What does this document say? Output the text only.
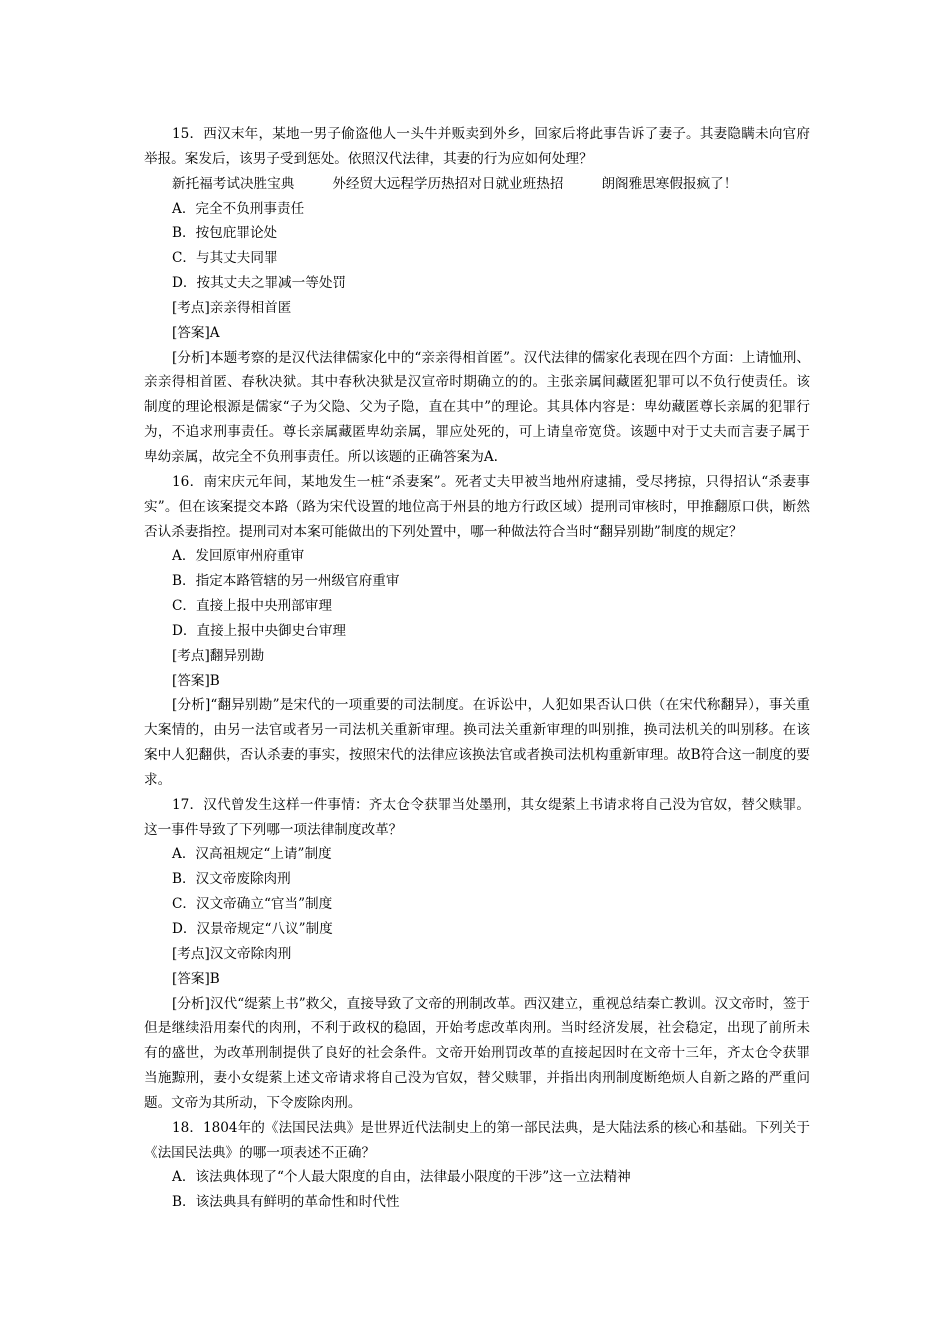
15．西汉末年，某地一男子偷盗他人一头牛并贩卖到外乡，回家后将此事告诉了妻子。其妻隐瞒未向官府举报。案发后，该男子受到惩处。依照汉代法律，其妻的行为应如何处理？

新托福考试决胜宝典	外经贸大远程学历热招对日就业班热招	朗阁雅思寒假报疯了！

A．完全不负刑事责任

B．按包庇罪论处

C．与其丈夫同罪

D．按其丈夫之罪减一等处罚

[考点]亲亲得相首匿

[答案]A

[分析]本题考察的是汉代法律儒家化中的“亲亲得相首匿”。汉代法律的儒家化表现在四个方面：上请恤刑、亲亲得相首匿、春秋决狱。其中春秋决狱是汉宣帝时期确立的的。主张亲属间藏匿犯罪可以不负行使责任。该制度的理论根源是儒家“子为父隐、父为子隐，直在其中”的理论。其具体内容是：卑幼藏匿尊长亲属的犯罪行为，不追求刑事责任。尊长亲属藏匿卑幼亲属，罪应处死的，可上请皇帝宽贷。该题中对于丈夫而言妻子属于卑幼亲属，故完全不负刑事责任。所以该题的正确答案为A.

16．南宋庆元年间，某地发生一桩“杀妻案”。死者丈夫甲被当地州府逮捕，受尽拷掠，只得招认“杀妻事实”。但在该案提交本路（路为宋代设置的地位高于州县的地方行政区域）提刑司审核时，甲推翻原口供，断然否认杀妻指控。提刑司对本案可能做出的下列处置中，哪一种做法符合当时“翻异别勘”制度的规定？

A．发回原审州府重审

B．指定本路管辖的另一州级官府重审

C．直接上报中央刑部审理

D．直接上报中央御史台审理

[考点]翻异别勘

[答案]B

[分析]“翻异别勘”是宋代的一项重要的司法制度。在诉讼中，人犯如果否认口供（在宋代称翻异），事关重大案情的，由另一法官或者另一司法机关重新审理。换司法关重新审理的叫别推，换司法机关的叫别移。在该案中人犯翻供，否认杀妻的事实，按照宋代的法律应该换法官或者换司法机构重新审理。故B符合这一制度的要求。

17．汉代曾发生这样一件事情：齐太仓令获罪当处墨刑，其女缇萦上书请求将自己没为官奴，替父赎罪。这一事件导致了下列哪一项法律制度改革？

A．汉高祖规定“上请”制度

B．汉文帝废除肉刑

C．汉文帝确立“官当”制度

D．汉景帝规定“八议”制度

[考点]汉文帝除肉刑

[答案]B

[分析]汉代“缇萦上书”救父，直接导致了文帝的刑制改革。西汉建立，重视总结秦亡教训。汉文帝时，签于但是继续沿用秦代的肉刑，不利于政权的稳固，开始考虑改革肉刑。当时经济发展，社会稳定，出现了前所未有的盛世，为改革刑制提供了良好的社会条件。文帝开始刑罚改革的直接起因时在文帝十三年，齐太仓令获罪当施黥刑，妻小女缇萦上述文帝请求将自己没为官奴，替父赎罪，并指出肉刑制度断绝烦人自新之路的严重问题。文帝为其所动，下令废除肉刑。

18．1804年的《法国民法典》是世界近代法制史上的第一部民法典，是大陆法系的核心和基础。下列关于《法国民法典》的哪一项表述不正确？

A．该法典体现了“个人最大限度的自由，法律最小限度的干涉”这一立法精神

B．该法典具有鲜明的革命性和时代性
